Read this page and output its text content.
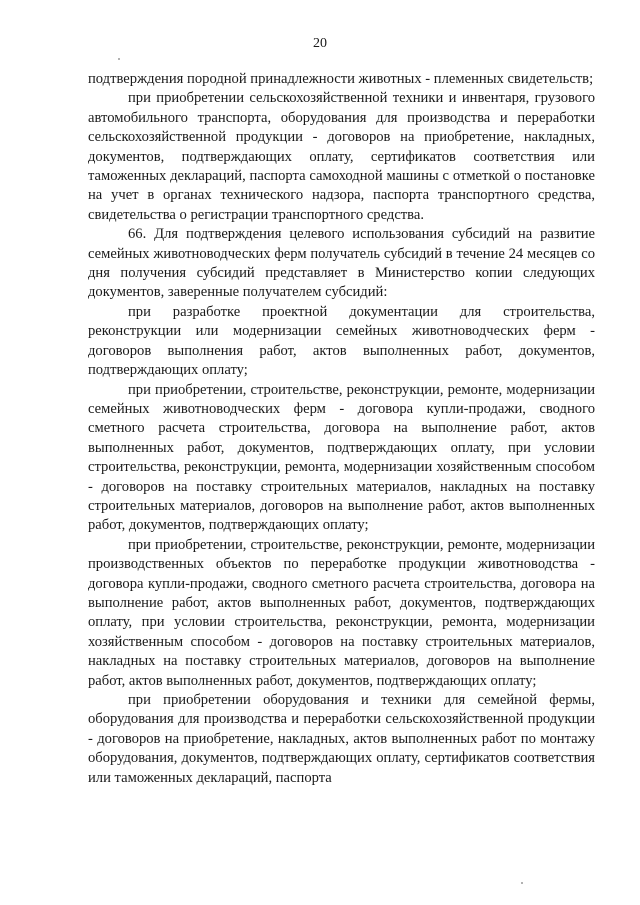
20

подтверждения породной принадлежности животных - племенных свидетельств;

при приобретении сельскохозяйственной техники и инвентаря, грузового автомобильного транспорта, оборудования для производства и переработки сельскохозяйственной продукции - договоров на приобретение, накладных, документов, подтверждающих оплату, сертификатов соответствия или таможенных деклараций, паспорта самоходной машины с отметкой о постановке на учет в органах технического надзора, паспорта транспортного средства, свидетельства о регистрации транспортного средства.

66. Для подтверждения целевого использования субсидий на развитие семейных животноводческих ферм получатель субсидий в течение 24 месяцев со дня получения субсидий представляет в Министерство копии следующих документов, заверенные получателем субсидий:

при разработке проектной документации для строительства, реконструкции или модернизации семейных животноводческих ферм - договоров выполнения работ, актов выполненных работ, документов, подтверждающих оплату;

при приобретении, строительстве, реконструкции, ремонте, модернизации семейных животноводческих ферм - договора купли-продажи, сводного сметного расчета строительства, договора на выполнение работ, актов выполненных работ, документов, подтверждающих оплату, при условии строительства, реконструкции, ремонта, модернизации хозяйственным способом - договоров на поставку строительных материалов, накладных на поставку строительных материалов, договоров на выполнение работ, актов выполненных работ, документов, подтверждающих оплату;

при приобретении, строительстве, реконструкции, ремонте, модернизации производственных объектов по переработке продукции животноводства - договора купли-продажи, сводного сметного расчета строительства, договора на выполнение работ, актов выполненных работ, документов, подтверждающих оплату, при условии строительства, реконструкции, ремонта, модернизации хозяйственным способом - договоров на поставку строительных материалов, накладных на поставку строительных материалов, договоров на выполнение работ, актов выполненных работ, документов, подтверждающих оплату;

при приобретении оборудования и техники для семейной фермы, оборудования для производства и переработки сельскохозяйственной продукции - договоров на приобретение, накладных, актов выполненных работ по монтажу оборудования, документов, подтверждающих оплату, сертификатов соответствия или таможенных деклараций, паспорта
